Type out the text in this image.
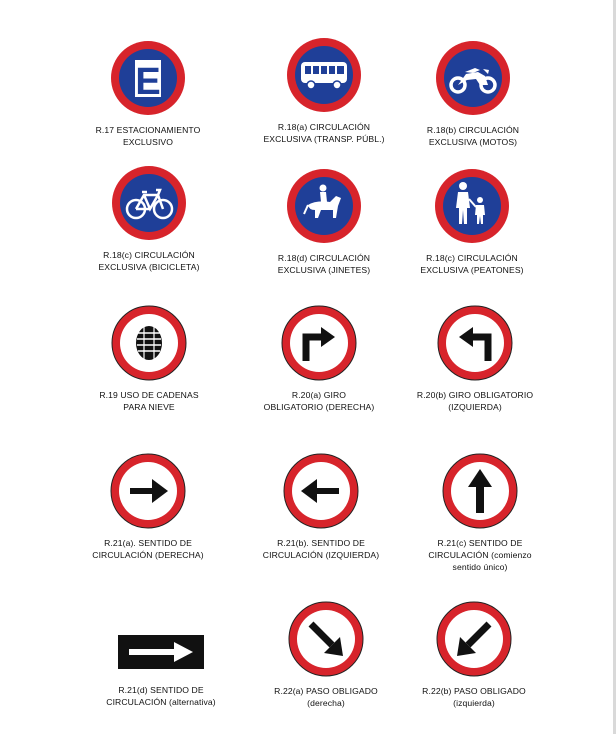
E
R.17 ESTACIONAMIENTO
EXCLUSIVO
R.18(a) CIRCULACIÓN
EXCLUSIVA (TRANSP. PÚBL.)
R.18(b) CIRCULACIÓN
EXCLUSIVA (MOTOS)
R.18(c) CIRCULACIÓN
EXCLUSIVA (BICICLETA)
R.18(d) CIRCULACIÓN
EXCLUSIVA (JINETES)
R.18(c) CIRCULACIÓN
EXCLUSIVA (PEATONES)
R.19 USO DE CADENAS
PARA NIEVE
R.20(a) GIRO
OBLIGATORIO (DERECHA)
R.20(b) GIRO OBLIGATORIO
(IZQUIERDA)
R.21(a). SENTIDO DE
CIRCULACIÓN (DERECHA)
R.21(b). SENTIDO DE
CIRCULACIÓN (IZQUIERDA)
R.21(c) SENTIDO DE
CIRCULACIÓN (comienzo
sentido único)
R.21(d) SENTIDO DE
CIRCULACIÓN (alternativa)
R.22(a) PASO OBLIGADO
(derecha)
R.22(b) PASO OBLIGADO
(izquierda)
